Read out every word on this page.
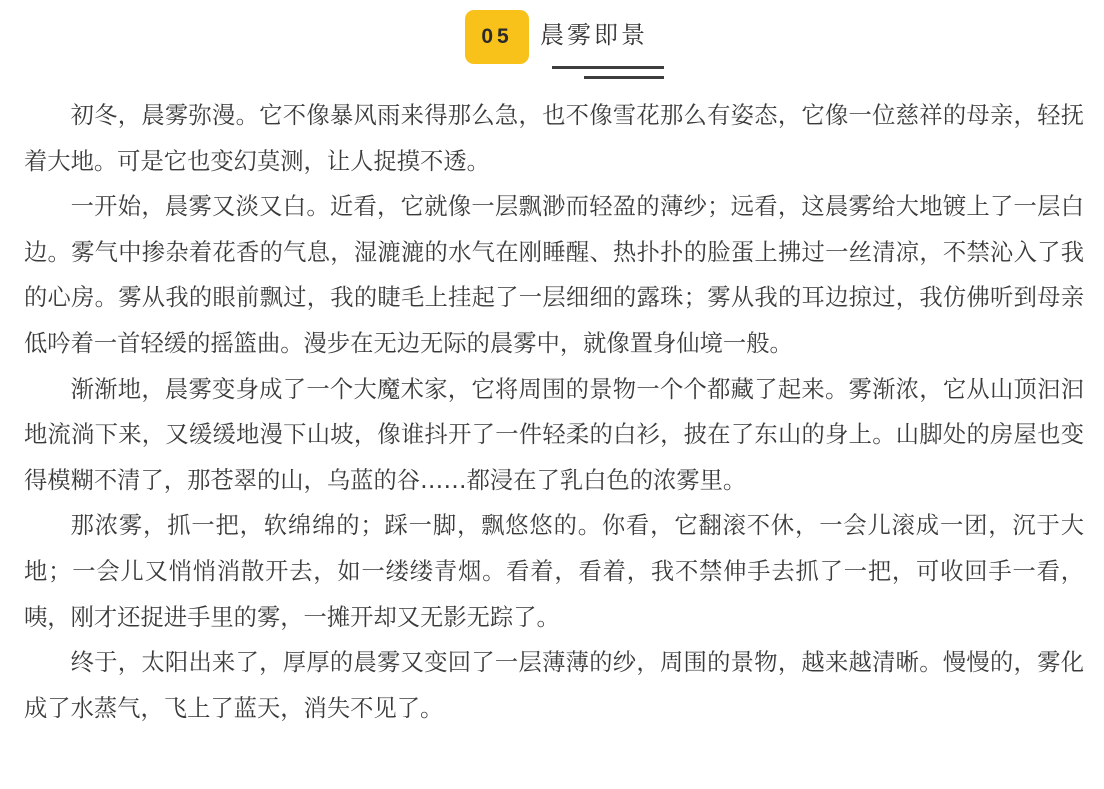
05	晨雾即景

初冬，晨雾弥漫。它不像暴风雨来得那么急，也不像雪花那么有姿态，它像一位慈祥的母亲，轻抚着大地。可是它也变幻莫测，让人捉摸不透。

一开始，晨雾又淡又白。近看，它就像一层飘渺而轻盈的薄纱；远看，这晨雾给大地镀上了一层白边。雾气中掺杂着花香的气息，湿漉漉的水气在刚睡醒、热扑扑的脸蛋上拂过一丝清凉，不禁沁入了我的心房。雾从我的眼前飘过，我的睫毛上挂起了一层细细的露珠；雾从我的耳边掠过，我仿佛听到母亲低吟着一首轻缓的摇篮曲。漫步在无边无际的晨雾中，就像置身仙境一般。

渐渐地，晨雾变身成了一个大魔术家，它将周围的景物一个个都藏了起来。雾渐浓，它从山顶汩汩地流淌下来，又缓缓地漫下山坡，像谁抖开了一件轻柔的白衫，披在了东山的身上。山脚处的房屋也变得模糊不清了，那苍翠的山，乌蓝的谷……都浸在了乳白色的浓雾里。

那浓雾，抓一把，软绵绵的；踩一脚，飘悠悠的。你看，它翻滚不休，一会儿滚成一团，沉于大地；一会儿又悄悄消散开去，如一缕缕青烟。看着，看着，我不禁伸手去抓了一把，可收回手一看，咦，刚才还捉进手里的雾，一摊开却又无影无踪了。

终于，太阳出来了，厚厚的晨雾又变回了一层薄薄的纱，周围的景物，越来越清晰。慢慢的，雾化成了水蒸气，飞上了蓝天，消失不见了。
